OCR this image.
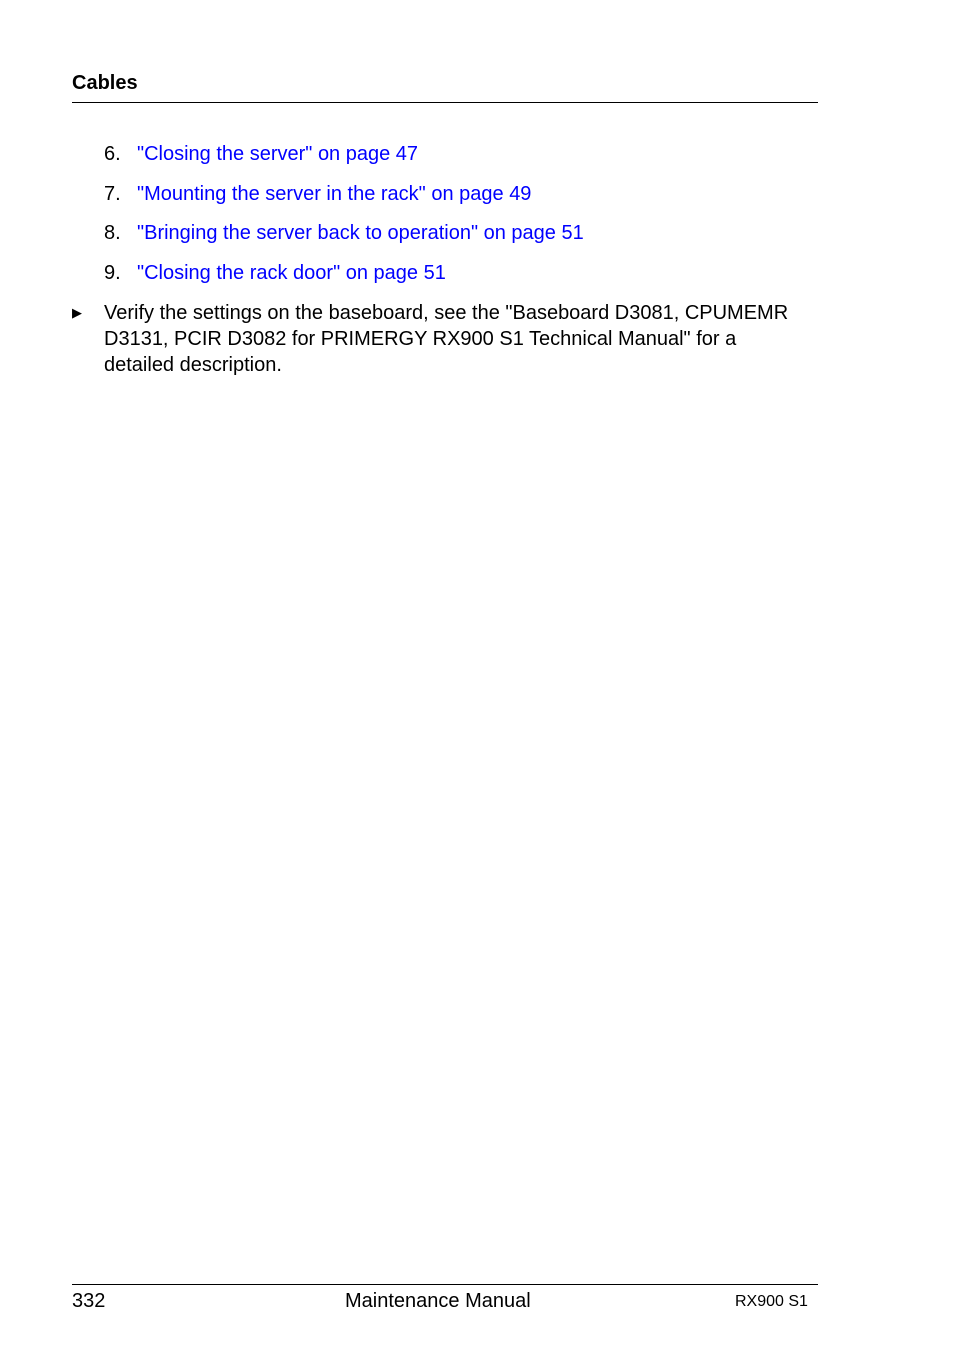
Cables
6. "Closing the server" on page 47
7. "Mounting the server in the rack" on page 49
8. "Bringing the server back to operation" on page 51
9. "Closing the rack door" on page 51
▶	Verify the settings on the baseboard, see the "Baseboard D3081, CPUMEMR D3131, PCIR D3082 for PRIMERGY RX900 S1 Technical Manual" for a detailed description.
332	Maintenance Manual	RX900 S1
